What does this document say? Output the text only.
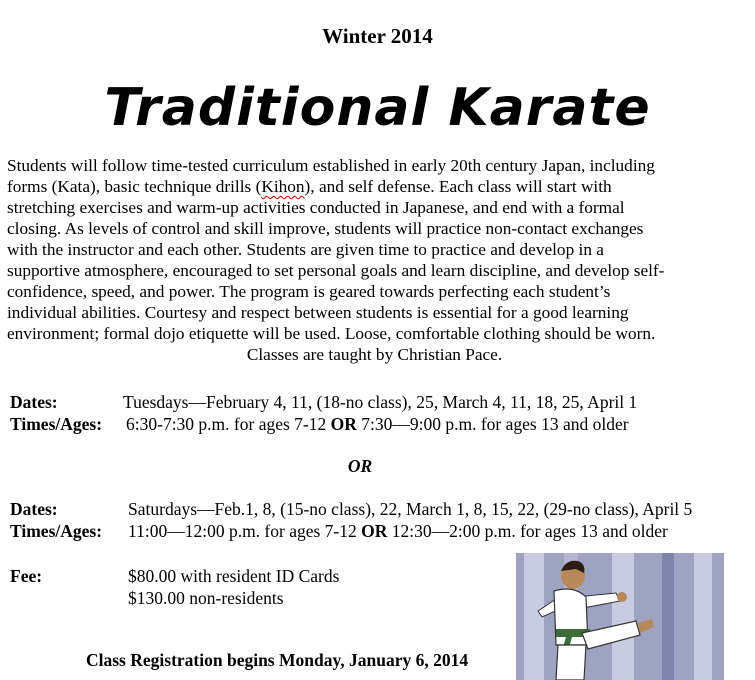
Winter 2014
Traditional Karate
Students will follow time-tested curriculum established in early 20th century Japan, including
forms (Kata), basic technique drills (Kihon), and self defense. Each class will start with
stretching exercises and warm-up activities conducted in Japanese, and end with a formal
closing. As levels of control and skill improve, students will practice non-contact exchanges
with the instructor and each other. Students are given time to practice and develop in a
supportive atmosphere, encouraged to set personal goals and learn discipline, and develop self-
confidence, speed, and power. The program is geared towards perfecting each student’s
individual abilities. Courtesy and respect between students is essential for a good learning
environment; formal dojo etiquette will be used. Loose, comfortable clothing should be worn.
Classes are taught by Christian Pace.
Dates:	Tuesdays—February 4, 11, (18-no class), 25, March 4, 11, 18, 25, April 1
Times/Ages: 6:30-7:30 p.m. for ages 7-12 OR 7:30—9:00 p.m. for ages 13 and older
OR
Dates:	Saturdays—Feb.1, 8, (15-no class), 22, March 1, 8, 15, 22, (29-no class), April 5
Times/Ages: 11:00—12:00 p.m. for ages 7-12 OR 12:30—2:00 p.m. for ages 13 and older
Fee:	$80.00 with resident ID Cards
$130.00 non-residents
Class Registration begins Monday, January 6, 2014
